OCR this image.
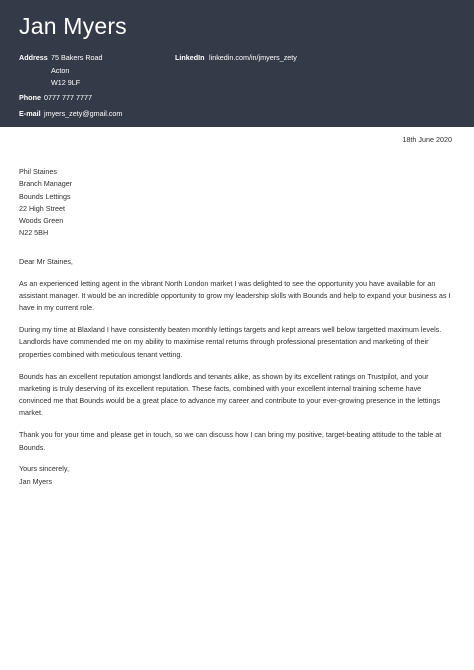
Jan Myers
Address 75 Bakers Road
Acton
W12 9LF
Phone 0777 777 7777
E-mail jmyers_zety@gmail.com
LinkedIn linkedin.com/in/jmyers_zety
18th June 2020
Phil Staines
Branch Manager
Bounds Lettings
22 High Street
Woods Green
N22 5BH

Dear Mr Staines,

As an experienced letting agent in the vibrant North London market I was delighted to see the opportunity you have available for an assistant manager. It would be an incredible opportunity to grow my leadership skills with Bounds and help to expand your business as I have in my current role.

During my time at Blaxland I have consistently beaten monthly lettings targets and kept arrears well below targetted maximum levels. Landlords have commended me on my ability to maximise rental returns through professional presentation and marketing of their properties combined with meticulous tenant vetting.

Bounds has an excellent reputation amongst landlords and tenants alike, as shown by its excellent ratings on Trustpilot, and your marketing is truly deserving of its excellent reputation. These facts, combined with your excellent internal training scheme have convinced me that Bounds would be a great place to advance my career and contribute to your ever-growing presence in the lettings market.

Thank you for your time and please get in touch, so we can discuss how I can bring my positive, target-beating attitude to the table at Bounds.

Yours sincerely,
Jan Myers
